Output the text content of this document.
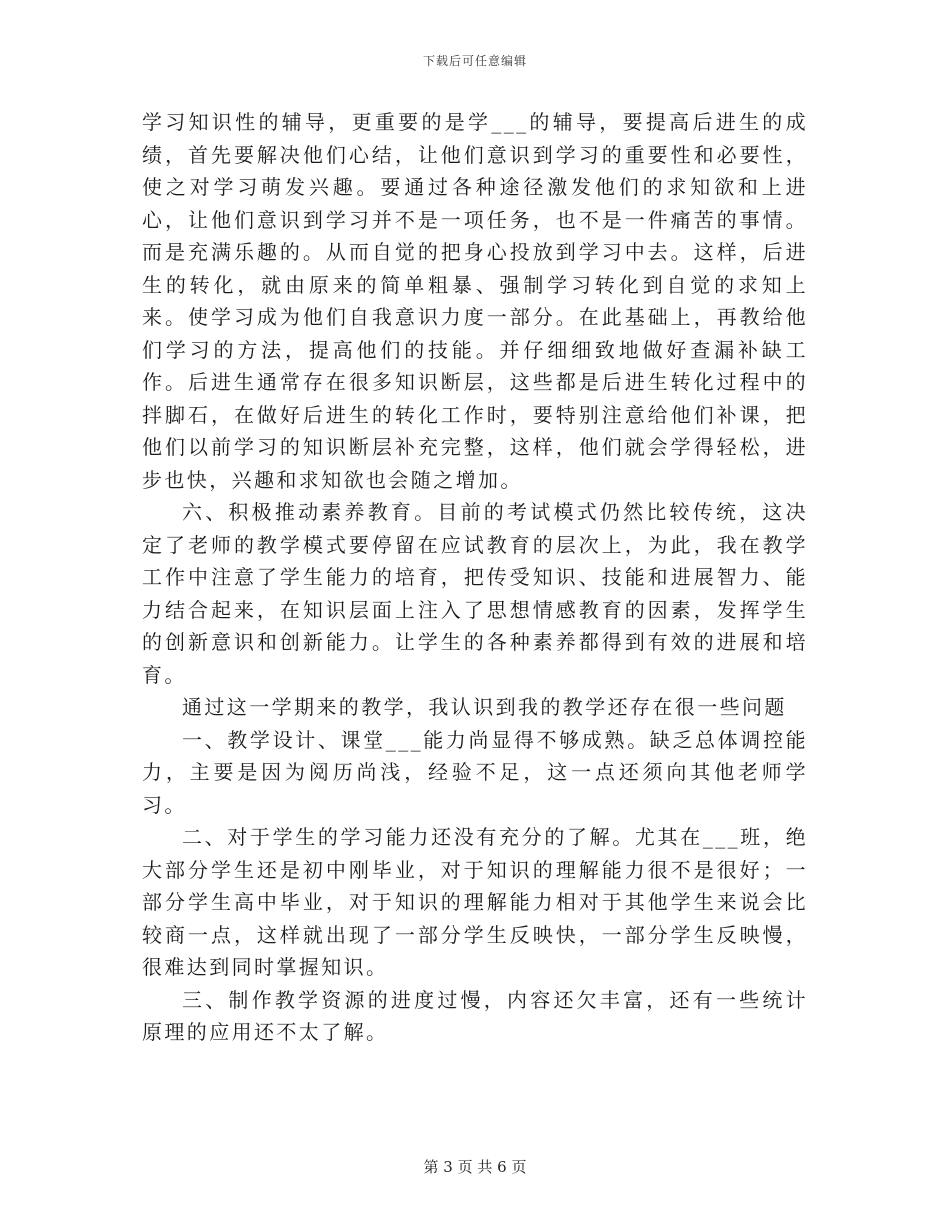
下载后可任意编辑

学习知识性的辅导，更重要的是学___的辅导，要提高后进生的成绩，首先要解决他们心结，让他们意识到学习的重要性和必要性，使之对学习萌发兴趣。要通过各种途径激发他们的求知欲和上进心，让他们意识到学习并不是一项任务，也不是一件痛苦的事情。而是充满乐趣的。从而自觉的把身心投放到学习中去。这样，后进生的转化，就由原来的简单粗暴、强制学习转化到自觉的求知上来。使学习成为他们自我意识力度一部分。在此基础上，再教给他们学习的方法，提高他们的技能。并仔细细致地做好查漏补缺工作。后进生通常存在很多知识断层，这些都是后进生转化过程中的拌脚石，在做好后进生的转化工作时，要特别注意给他们补课，把他们以前学习的知识断层补充完整，这样，他们就会学得轻松，进步也快，兴趣和求知欲也会随之增加。

六、积极推动素养教育。目前的考试模式仍然比较传统，这决定了老师的教学模式要停留在应试教育的层次上，为此，我在教学工作中注意了学生能力的培育，把传受知识、技能和进展智力、能力结合起来，在知识层面上注入了思想情感教育的因素，发挥学生的创新意识和创新能力。让学生的各种素养都得到有效的进展和培育。

通过这一学期来的教学，我认识到我的教学还存在很一些问题

一、教学设计、课堂___能力尚显得不够成熟。缺乏总体调控能力，主要是因为阅历尚浅，经验不足，这一点还须向其他老师学习。

二、对于学生的学习能力还没有充分的了解。尤其在___班，绝大部分学生还是初中刚毕业，对于知识的理解能力很不是很好；一部分学生高中毕业，对于知识的理解能力相对于其他学生来说会比较商一点，这样就出现了一部分学生反映快，一部分学生反映慢，很难达到同时掌握知识。

三、制作教学资源的进度过慢，内容还欠丰富，还有一些统计原理的应用还不太了解。

第 3 页 共 6 页
